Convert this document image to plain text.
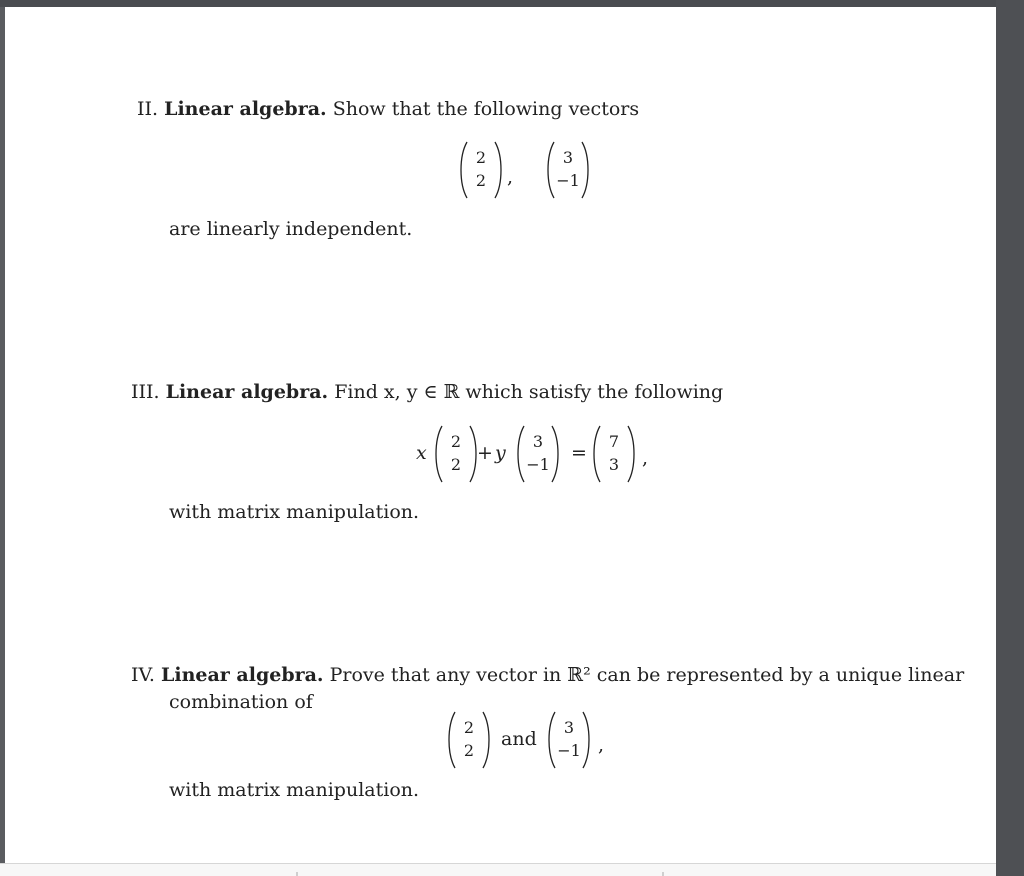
II. Linear algebra. Show that the following vectors
2
2	,
3
−1
are linearly independent.
III. Linear algebra. Find x, y ∈ ℝ which satisfy the following
x
2
2
+ y
3
−1
=
7
3	,
with matrix manipulation.
IV. Linear algebra. Prove that any vector in ℝ² can be represented by a unique linear
combination of
2
2
and
3
−1 ,
with matrix manipulation.
